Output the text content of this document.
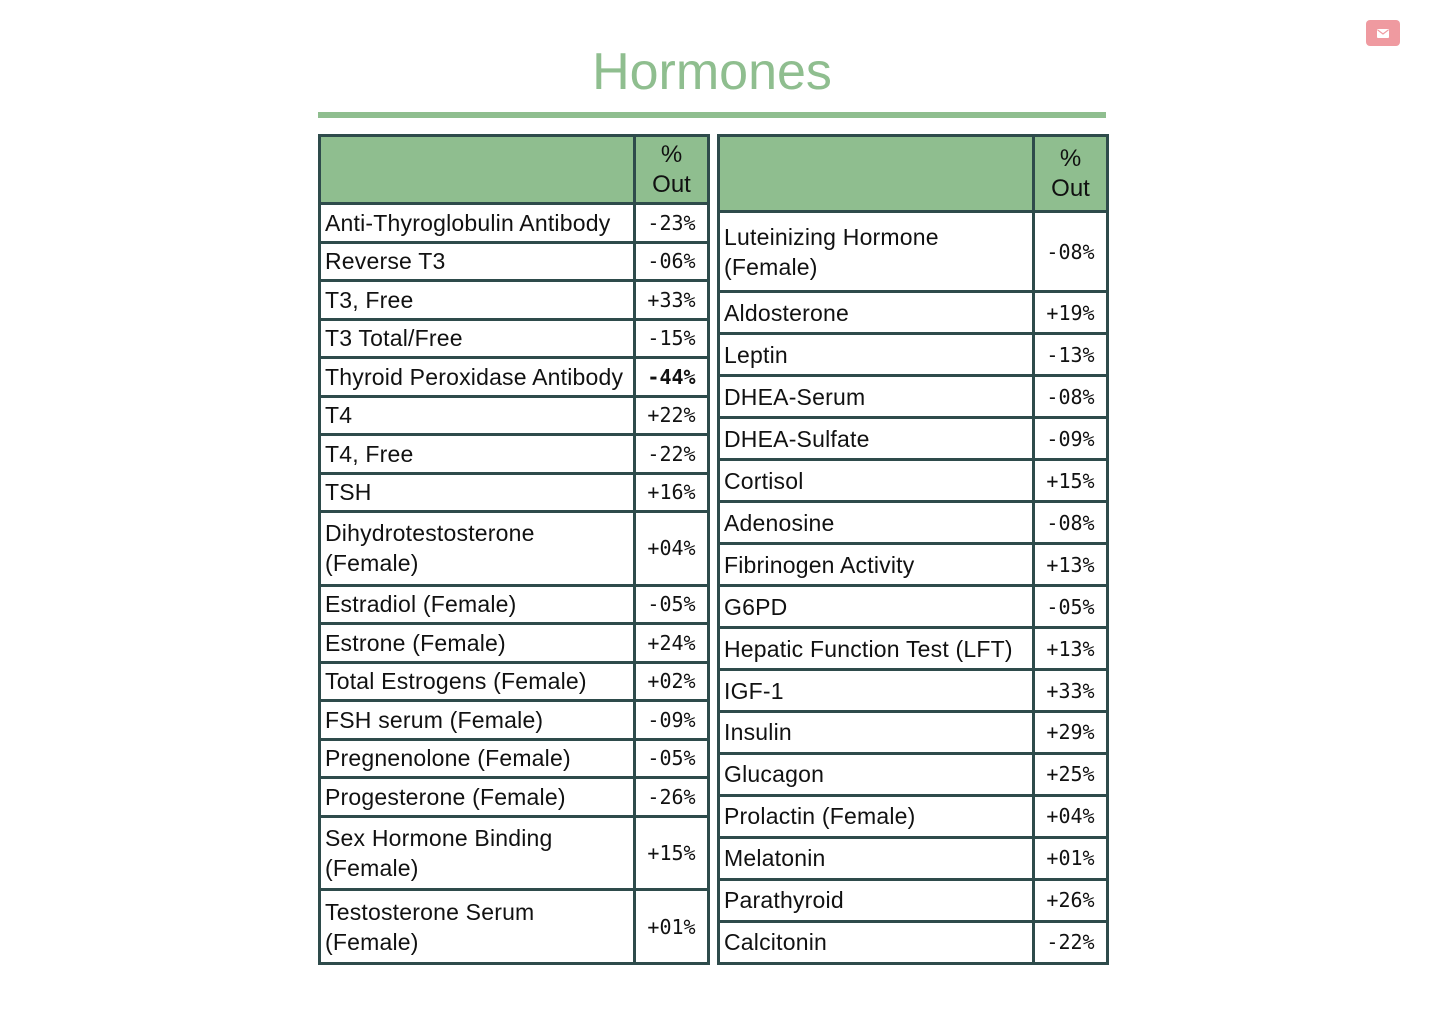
Hormones
	% Out
Anti-Thyroglobulin Antibody	-23%
Reverse T3	-06%
T3, Free	+33%
T3 Total/Free	-15%
Thyroid Peroxidase Antibody	-44%
T4	+22%
T4, Free	-22%
TSH	+16%
Dihydrotestosterone (Female)	+04%
Estradiol (Female)	-05%
Estrone (Female)	+24%
Total Estrogens (Female)	+02%
FSH serum (Female)	-09%
Pregnenolone (Female)	-05%
Progesterone (Female)	-26%
Sex Hormone Binding (Female)	+15%
Testosterone Serum (Female)	+01%
	% Out
Luteinizing Hormone (Female)	-08%
Aldosterone	+19%
Leptin	-13%
DHEA-Serum	-08%
DHEA-Sulfate	-09%
Cortisol	+15%
Adenosine	-08%
Fibrinogen Activity	+13%
G6PD	-05%
Hepatic Function Test (LFT)	+13%
IGF-1	+33%
Insulin	+29%
Glucagon	+25%
Prolactin (Female)	+04%
Melatonin	+01%
Parathyroid	+26%
Calcitonin	-22%
